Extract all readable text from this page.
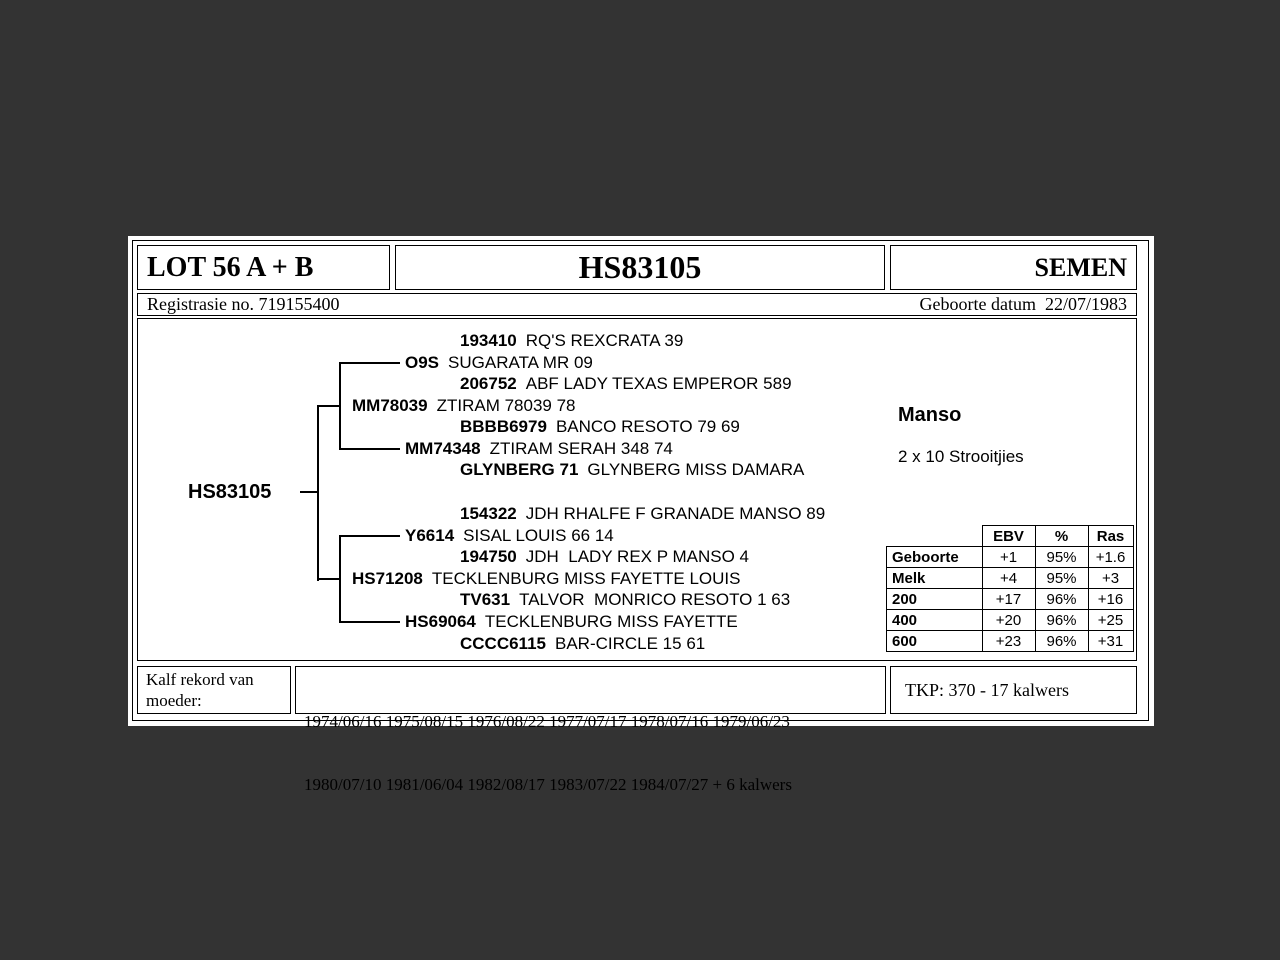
LOT 56 A + B	HS83105	SEMEN
Registrasie no. 719155400	Geboorte datum  22/07/1983
HS83105
193410 RQ'S REXCRATA 39
O9S SUGARATA MR 09
206752 ABF LADY TEXAS EMPEROR 589
MM78039 ZTIRAM 78039 78
BBBB6979 BANCO RESOTO 79 69
MM74348 ZTIRAM SERAH 348 74
GLYNBERG 71 GLYNBERG MISS DAMARA
154322 JDH RHALFE F GRANADE MANSO 89
Y6614 SISAL LOUIS 66 14
194750 JDH  LADY REX P MANSO 4
HS71208 TECKLENBURG MISS FAYETTE LOUIS
TV631 TALVOR  MONRICO RESOTO 1 63
HS69064 TECKLENBURG MISS FAYETTE
CCCC6115 BAR-CIRCLE 15 61
Manso
2 x 10 Strooitjies
	EBV	%	Ras
Geboorte	+1	95%	+1.6
Melk	+4	95%	+3
200	+17	96%	+16
400	+20	96%	+25
600	+23	96%	+31
Kalf rekord van
moeder:

1974/06/16 1975/08/15 1976/08/22 1977/07/17 1978/07/16 1979/06/23

1980/07/10 1981/06/04 1982/08/17 1983/07/22 1984/07/27 + 6 kalwers

TKP: 370 - 17 kalwers
